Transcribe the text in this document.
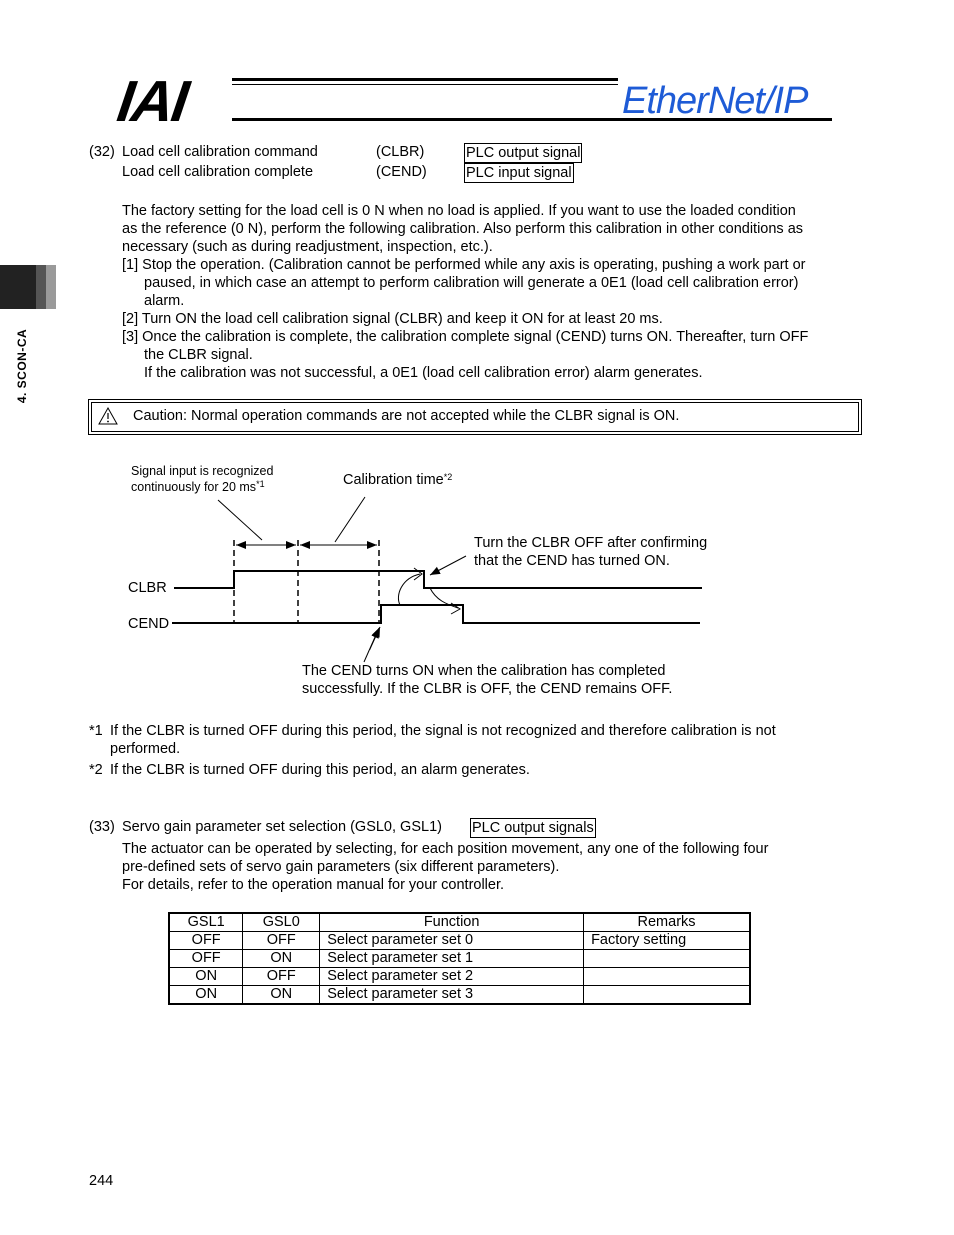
IAI	EtherNet/IP
4. SCON-CA
(32) Load cell calibration command	(CLBR)	PLC output signal
Load cell calibration complete	(CEND)	PLC input signal
The factory setting for the load cell is 0 N when no load is applied. If you want to use the loaded condition
as the reference (0 N), perform the following calibration. Also perform this calibration in other conditions as
necessary (such as during readjustment, inspection, etc.).
[1] Stop the operation. (Calibration cannot be performed while any axis is operating, pushing a work part or
paused, in which case an attempt to perform calibration will generate a 0E1 (load cell calibration error)
alarm.
[2] Turn ON the load cell calibration signal (CLBR) and keep it ON for at least 20 ms.
[3] Once the calibration is complete, the calibration complete signal (CEND) turns ON. Thereafter, turn OFF
the CLBR signal.
If the calibration was not successful, a 0E1 (load cell calibration error) alarm generates.
Caution: Normal operation commands are not accepted while the CLBR signal is ON.
Signal input is recognized
continuously for 20 $ms^{*1}$	Calibration time$^{*2}$
Turn the CLBR OFF after confirming
that the CEND has turned ON.
CLBR
CEND
The CEND turns ON when the calibration has completed
successfully. If the CLBR is OFF, the CEND remains OFF.
*1 If the CLBR is turned OFF during this period, the signal is not recognized and therefore calibration is not
performed.
*2 If the CLBR is turned OFF during this period, an alarm generates.
(33) Servo gain parameter set selection (GSL0, GSL1) PLC output signals
The actuator can be operated by selecting, for each position movement, any one of the following four
pre-defined sets of servo gain parameters (six different parameters).
For details, refer to the operation manual for your controller.
GSL1	GSL0	Function	Remarks
OFF	OFF	Select parameter set 0	Factory setting
OFF	ON	Select parameter set 1	
ON	OFF	Select parameter set 2	
ON	ON	Select parameter set 3	
244
